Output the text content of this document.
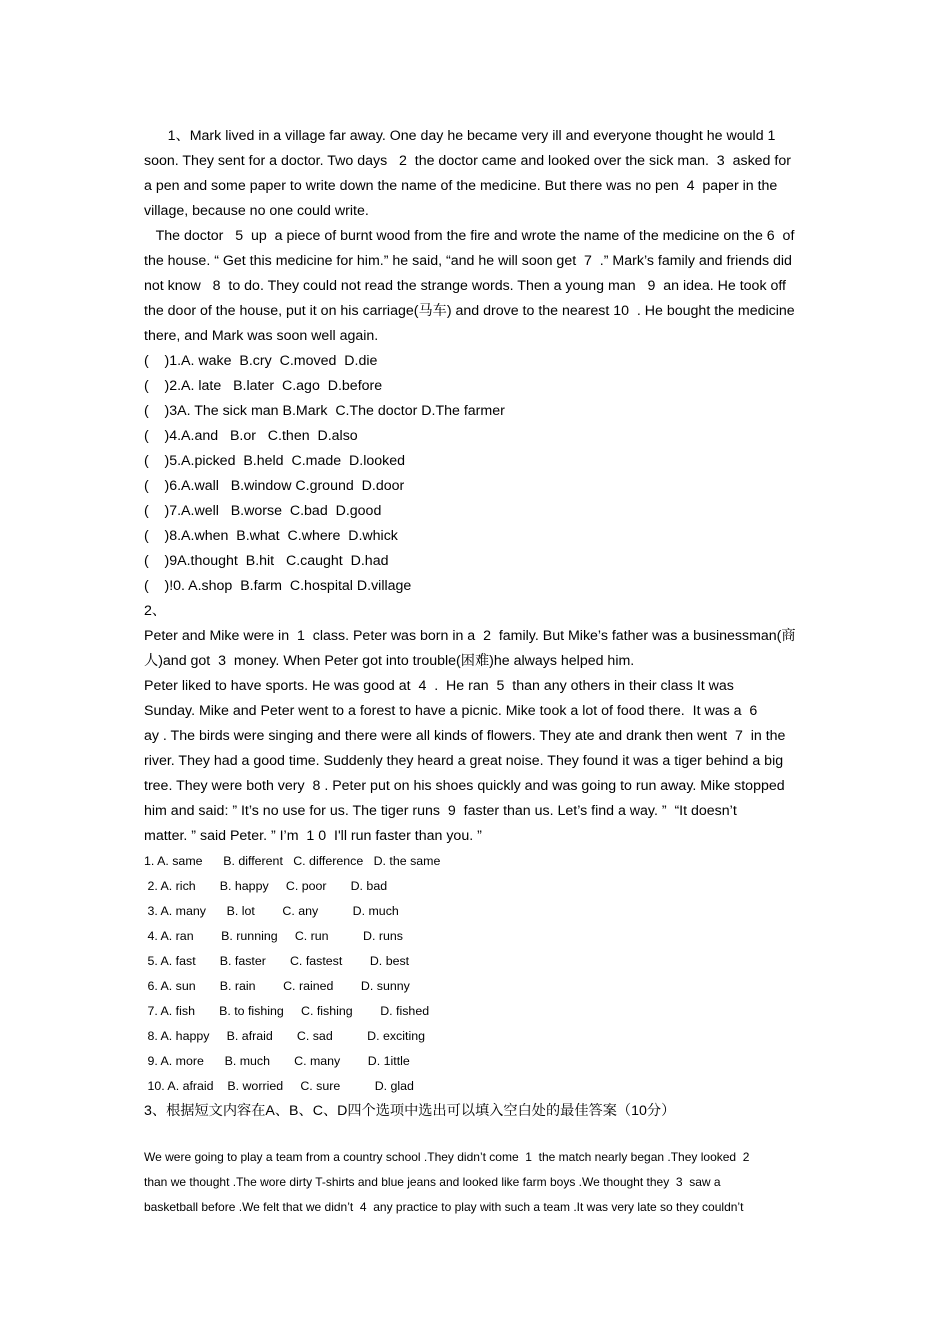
1、Mark lived in a village far away. One day he became very ill and everyone thought he would 1
soon. They sent for a doctor. Two days   2  the doctor came and looked over the sick man.  3  asked for
a pen and some paper to write down the name of the medicine. But there was no pen  4  paper in the
village, because no one could write.
The doctor   5  up  a piece of burnt wood from the fire and wrote the name of the medicine on the 6  of
the house. “ Get this medicine for him.” he said, “and he will soon get  7  .” Mark’s family and friends did
not know   8  to do. They could not read the strange words. Then a young man   9  an idea. He took off
the door of the house, put it on his carriage(马车) and drove to the nearest 10  . He bought the medicine
there, and Mark was soon well again.
(    )1.A. wake  B.cry  C.moved  D.die
(    )2.A. late   B.later  C.ago  D.before
(    )3A. The sick man B.Mark  C.The doctor D.The farmer
(    )4.A.and   B.or   C.then  D.also
(    )5.A.picked  B.held  C.made  D.looked
(    )6.A.wall   B.window C.ground  D.door
(    )7.A.well   B.worse  C.bad  D.good
(    )8.A.when  B.what  C.where  D.whick
(    )9A.thought  B.hit   C.caught  D.had
(    )!0. A.shop  B.farm  C.hospital D.village
2、
Peter and Mike were in  1  class. Peter was born in a  2  family. But Mike’s father was a businessman(商
人)and got  3  money. When Peter got into trouble(困难)he always helped him.
Peter liked to have sports. He was good at  4  .  He ran  5  than any others in their class It was
Sunday. Mike and Peter went to a forest to have a picnic. Mike took a lot of food there.  It was a  6
ay . The birds were singing and there were all kinds of flowers. They ate and drank then went  7  in the
river. They had a good time. Suddenly they heard a great noise. They found it was a tiger behind a big
tree. They were both very  8 . Peter put on his shoes quickly and was going to run away. Mike stopped
him and said: ” It’s no use for us. The tiger runs  9  faster than us. Let’s find a way. ”  “It doesn’t
matter. ” said Peter. ” I’m  1 0  I'll run faster than you. ”
1. A. same      B. different   C. difference   D. the same
2. A. rich       B. happy     C. poor       D. bad
3. A. many      B. lot        C. any          D. much
4. A. ran        B. running     C. run          D. runs
5. A. fast       B. faster       C. fastest        D. best
6. A. sun       B. rain        C. rained        D. sunny
7. A. fish       B. to fishing     C. fishing        D. fished
8. A. happy     B. afraid       C. sad          D. exciting
9. A. more      B. much       C. many        D. 1ittle
10. A. afraid    B. worried     C. sure          D. glad
3、根据短文内容在A、B、C、D四个选项中选出可以填入空白处的最佳答案（10分）
We were going to play a team from a country school .They didn’t come  1  the match nearly began .They looked  2
than we thought .The wore dirty T-shirts and blue jeans and looked like farm boys .We thought they  3  saw a
basketball before .We felt that we didn’t  4  any practice to play with such a team .It was very late so they couldn’t
